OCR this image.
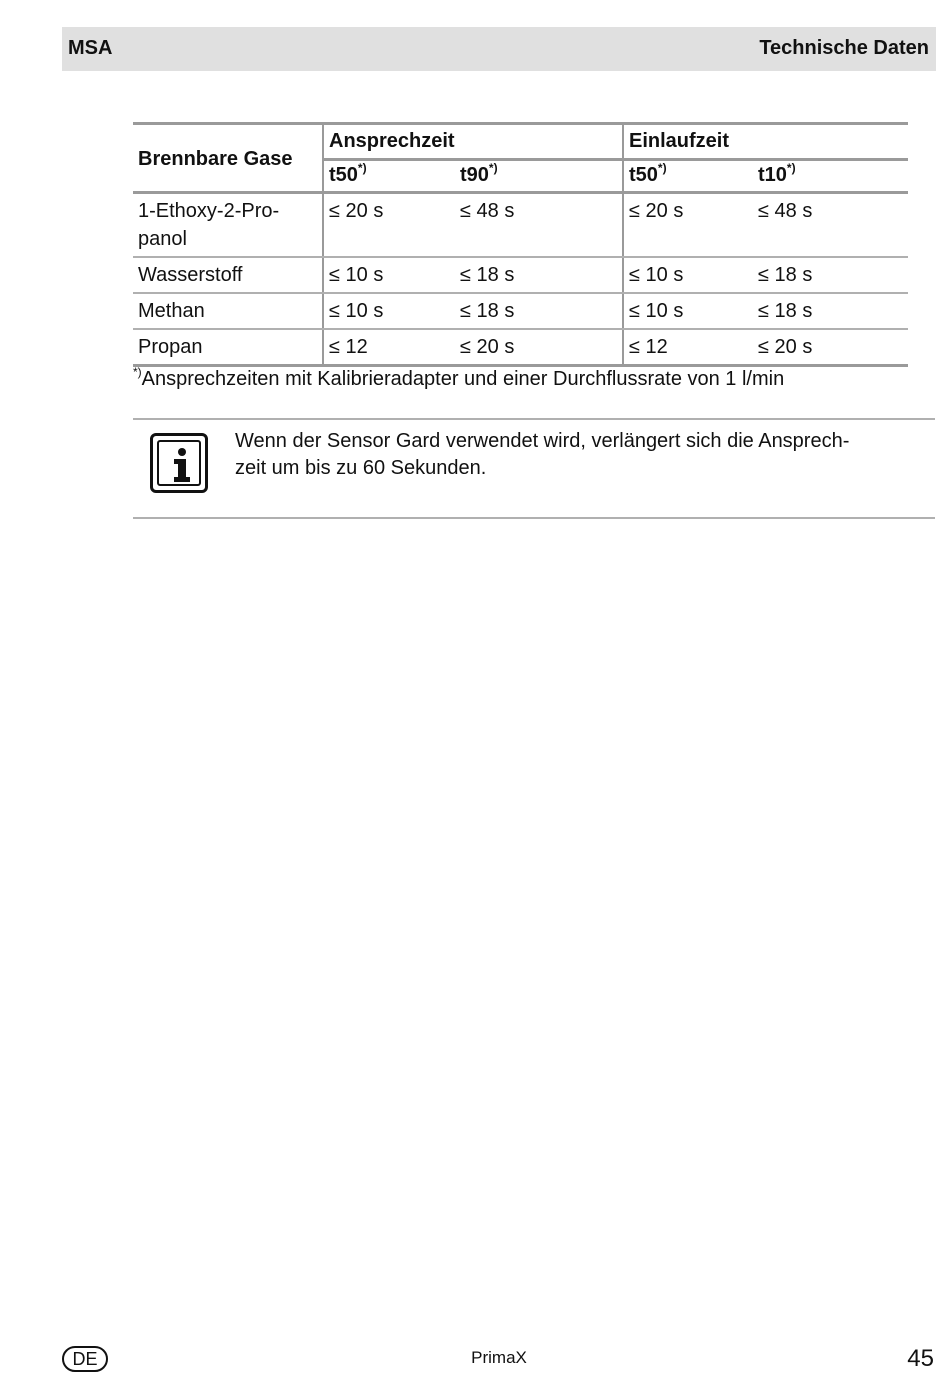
MSA	Technische Daten
Brennbare Gase	Ansprechzeit		Einlaufzeit	
	t50*)	t90*)	t50*)	t10*)
1-Ethoxy-2-Pro-
panol	≤ 20 s	≤ 48 s	≤ 20 s	≤ 48 s
Wasserstoff	≤ 10 s	≤ 18 s	≤ 10 s	≤ 18 s
Methan	≤ 10 s	≤ 18 s	≤ 10 s	≤ 18 s
Propan	≤ 12	≤ 20 s	≤ 12	≤ 20 s
*)Ansprechzeiten mit Kalibrieradapter und einer Durchflussrate von 1 l/min
Wenn der Sensor Gard verwendet wird, verlängert sich die Ansprech-
zeit um bis zu 60 Sekunden.
DE	PrimaX	45
